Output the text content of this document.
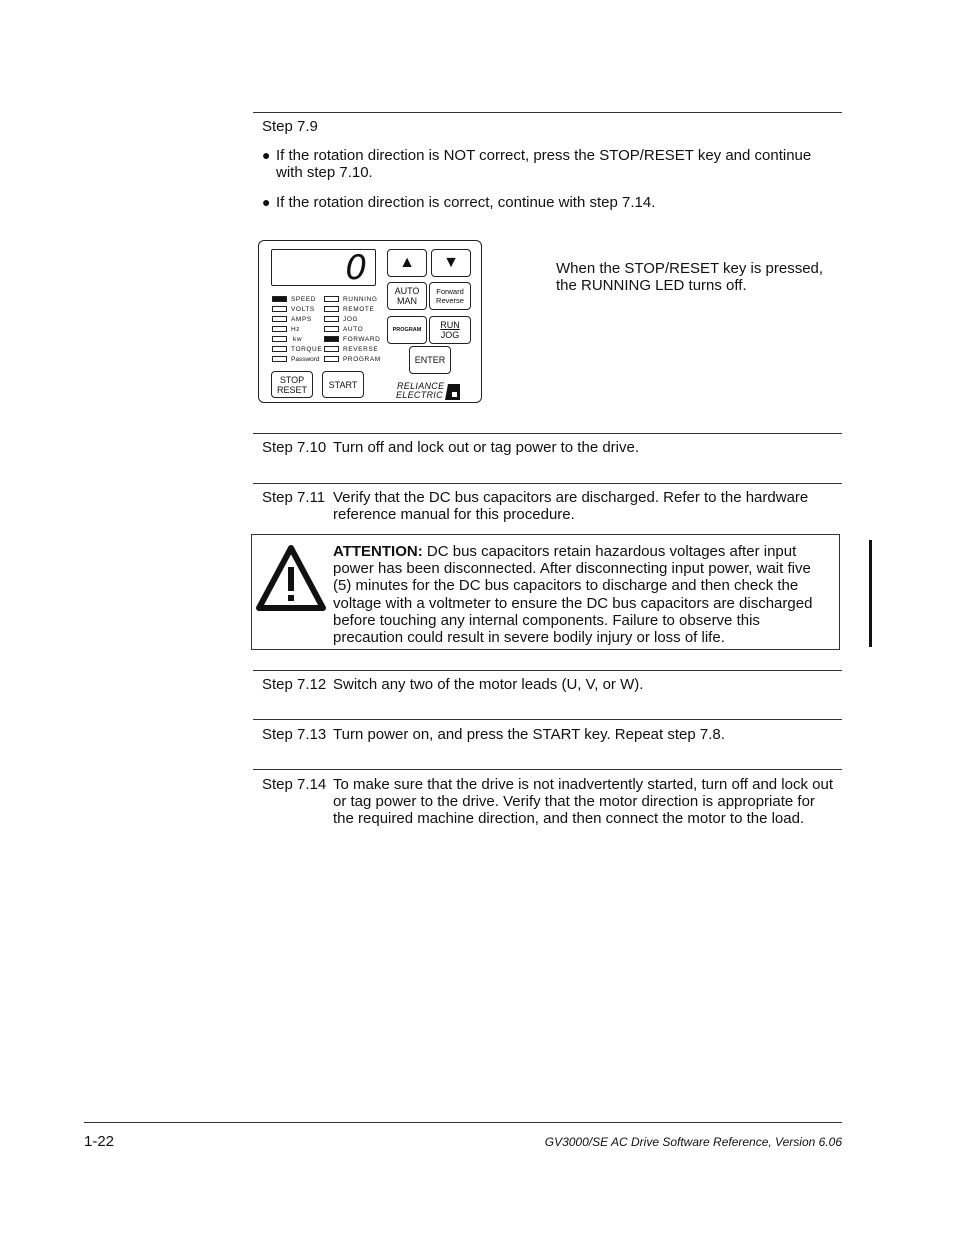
Step 7.9
● If the rotation direction is NOT correct, press the STOP/RESET key and continue with step 7.10.
● If the rotation direction is correct, continue with step 7.14.
0 ▲ ▼
AUTO
MAN
Forward
Reverse
PROGRAM RUN
JOG
ENTER
STOP
RESET START
SPEED
VOLTS
AMPS
Hz
kw
TORQUE
Password
RUNNING
REMOTE
JOG
AUTO
FORWARD
REVERSE
PROGRAM
RELIANCE
ELECTRIC
When the STOP/RESET key is pressed, the RUNNING LED turns off.
Step 7.10 Turn off and lock out or tag power to the drive.
Step 7.11 Verify that the DC bus capacitors are discharged. Refer to the hardware reference manual for this procedure.
ATTENTION: DC bus capacitors retain hazardous voltages after input power has been disconnected. After disconnecting input power, wait five (5) minutes for the DC bus capacitors to discharge and then check the voltage with a voltmeter to ensure the DC bus capacitors are discharged before touching any internal components. Failure to observe this precaution could result in severe bodily injury or loss of life.
Step 7.12 Switch any two of the motor leads (U, V, or W).
Step 7.13 Turn power on, and press the START key. Repeat step 7.8.
Step 7.14 To make sure that the drive is not inadvertently started, turn off and lock out or tag power to the drive. Verify that the motor direction is appropriate for the required machine direction, and then connect the motor to the load.
1-22	GV3000/SE AC Drive Software Reference, Version 6.06
